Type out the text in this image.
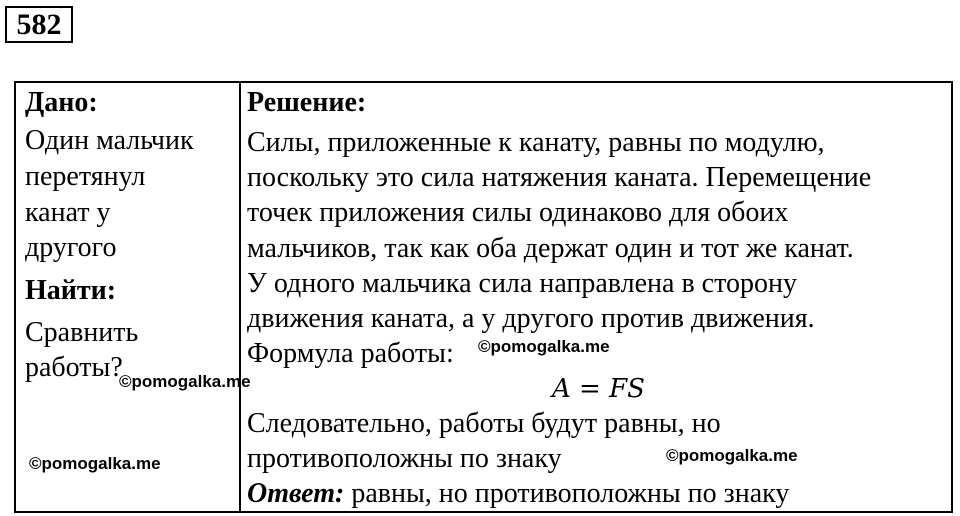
582
Дано:
Один мальчик
перетянул
канат у
другого
Найти:
Сравнить
работы?
©pomogalka.me
©pomogalka.me

Решение:
Силы, приложенные к канату, равны по модулю,
поскольку это сила натяжения каната. Перемещение
точек приложения силы одинаково для обоих
мальчиков, так как оба держат один и тот же канат.
У одного мальчика сила направлена в сторону
движения каната, а у другого против движения.
Формула работы: ©pomogalka.me
A = FS
Следовательно, работы будут равны, но
противоположны по знаку	©pomogalka.me
Ответ: равны, но противоположны по знаку
